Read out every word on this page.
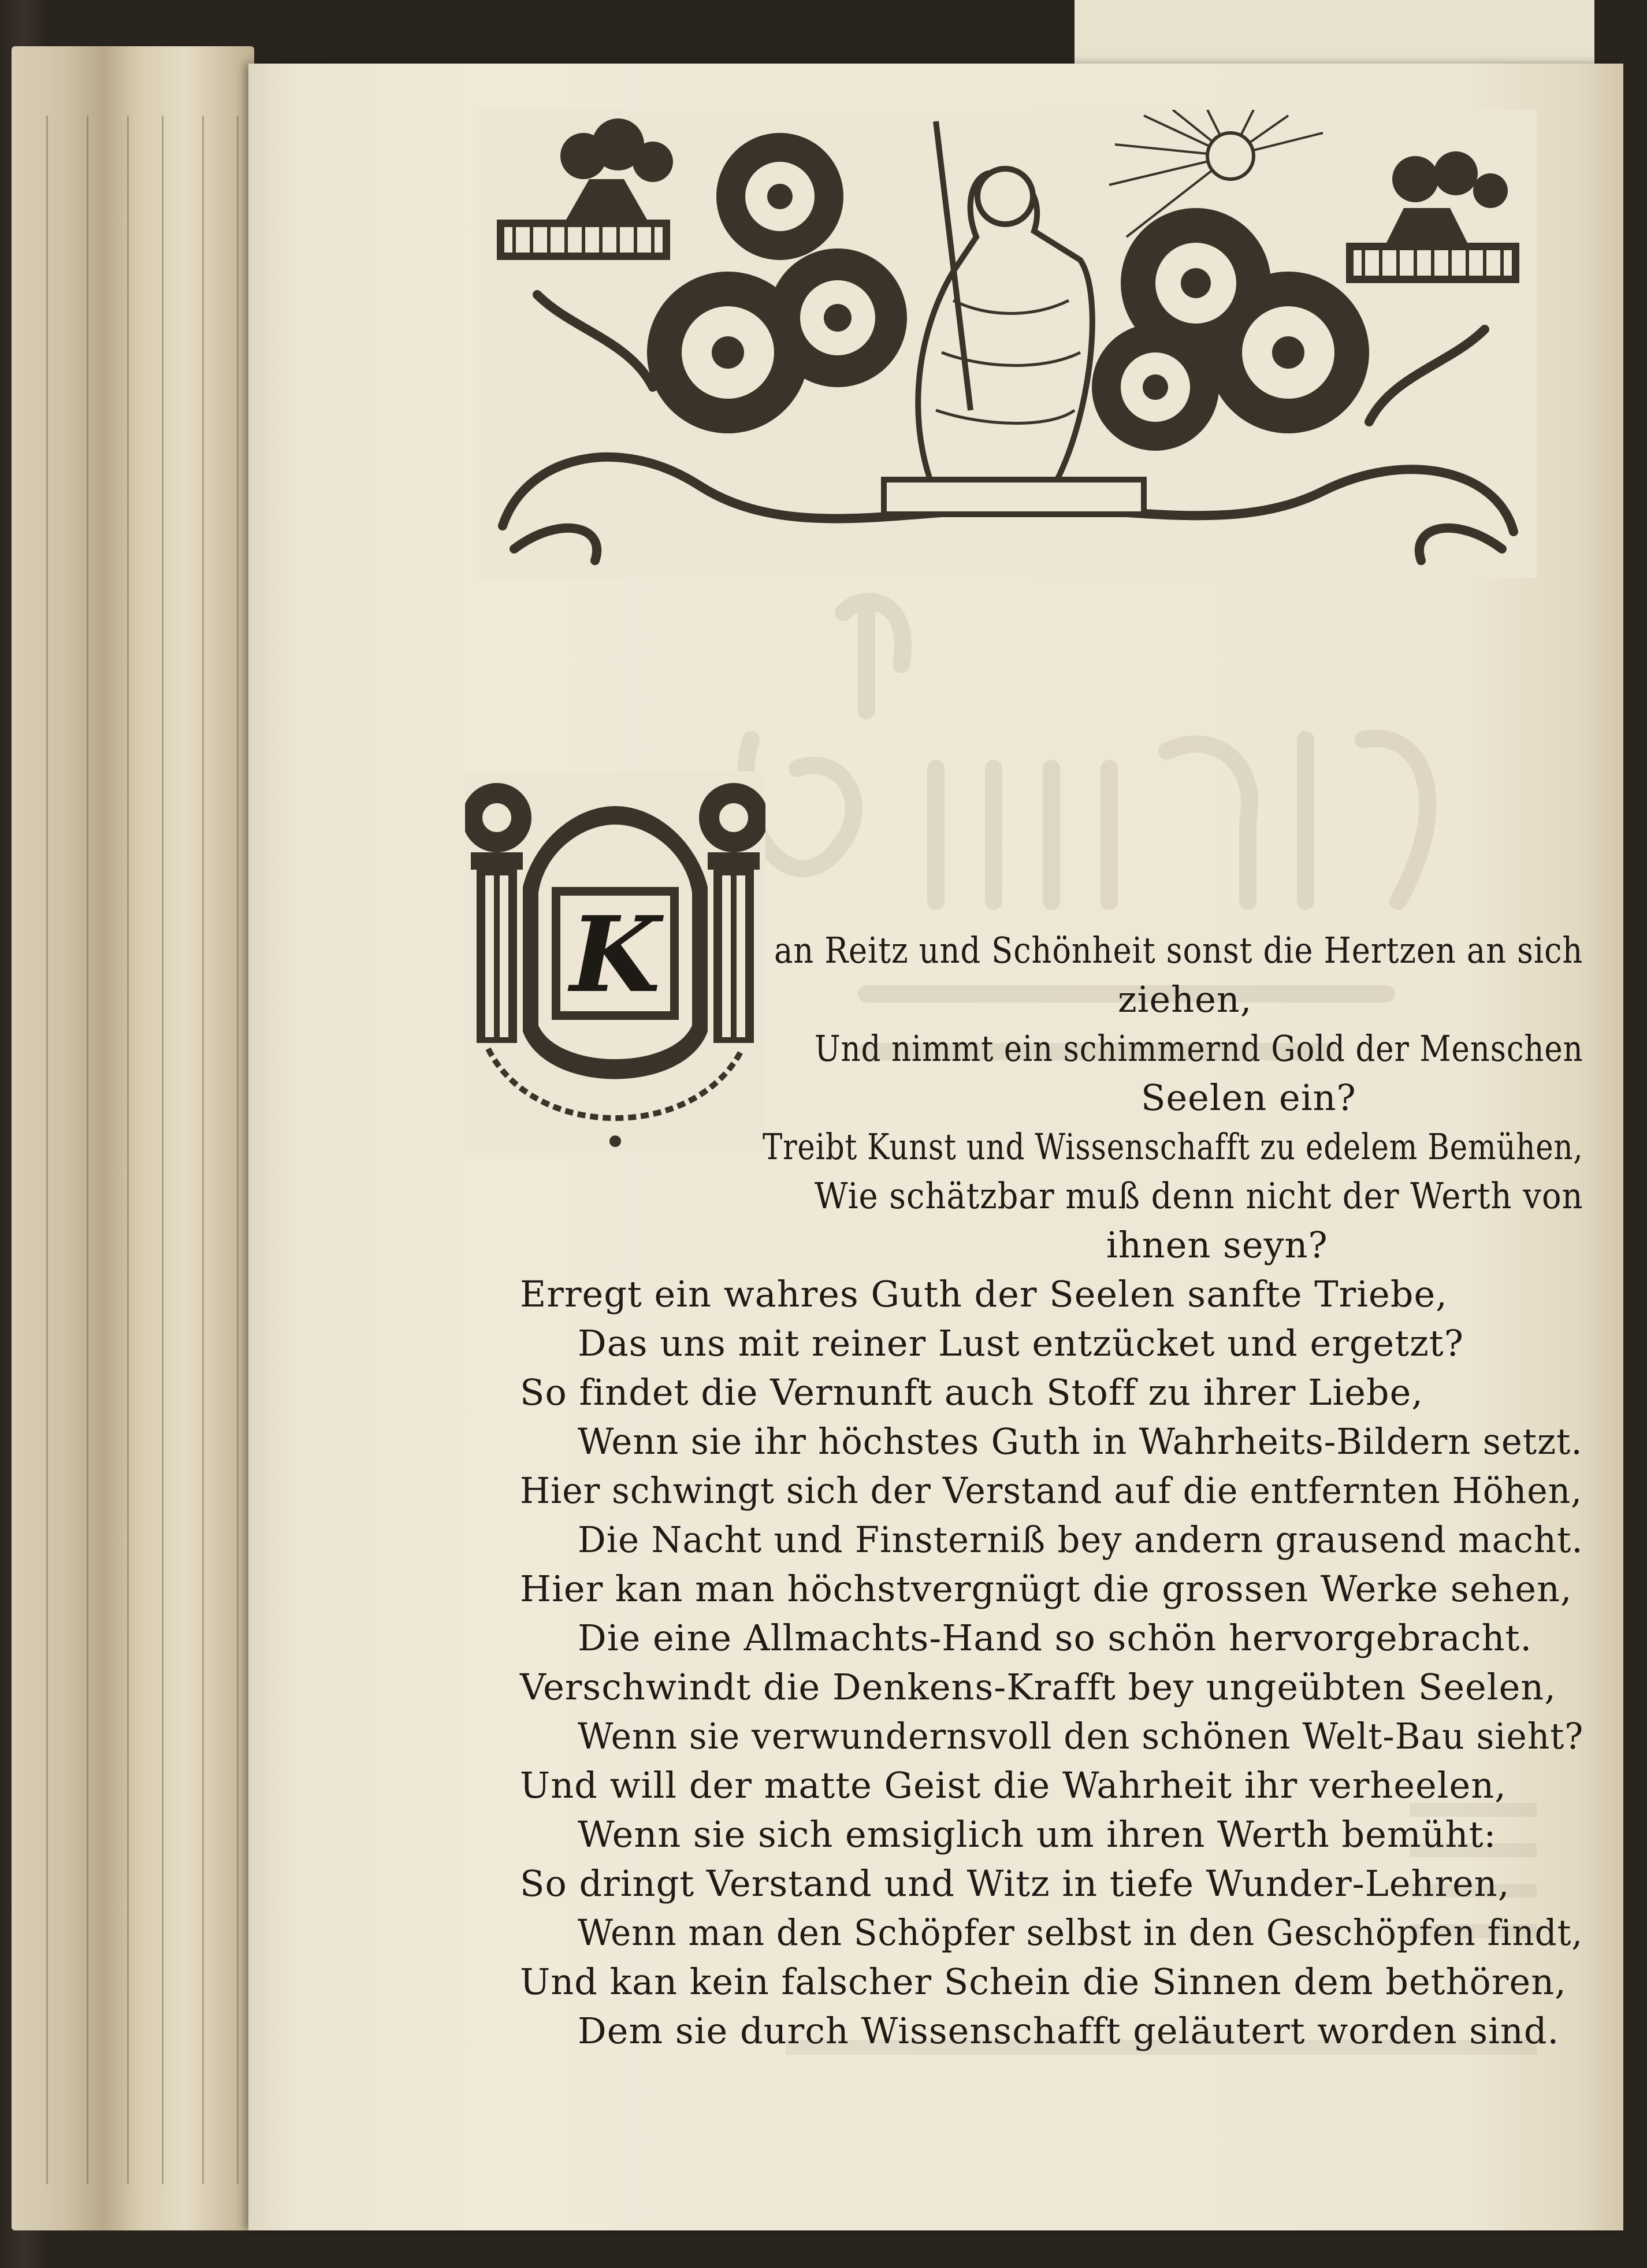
K	an Reitz und Schönheit sonst die Hertzen an sich
ziehen,
Und nimmt ein schimmernd Gold der Menschen
Seelen ein?
Treibt Kunst und Wissenschafft zu edelem Bemühen,
Wie schätzbar muß denn nicht der Werth von
ihnen seyn?
Erregt ein wahres Guth der Seelen sanfte Triebe,
Das uns mit reiner Lust entzücket und ergetzt?
So findet die Vernunft auch Stoff zu ihrer Liebe,
Wenn sie ihr höchstes Guth in Wahrheits-Bildern setzt.
Hier schwingt sich der Verstand auf die entfernten Höhen,
Die Nacht und Finsterniß bey andern grausend macht.
Hier kan man höchstvergnügt die grossen Werke sehen,
Die eine Allmachts-Hand so schön hervorgebracht.
Verschwindt die Denkens-Krafft bey ungeübten Seelen,
Wenn sie verwundernsvoll den schönen Welt-Bau sieht?
Und will der matte Geist die Wahrheit ihr verheelen,
Wenn sie sich emsiglich um ihren Werth bemüht:
So dringt Verstand und Witz in tiefe Wunder-Lehren,
Wenn man den Schöpfer selbst in den Geschöpfen findt,
Und kan kein falscher Schein die Sinnen dem bethören,
Dem sie durch Wissenschafft geläutert worden sind.
